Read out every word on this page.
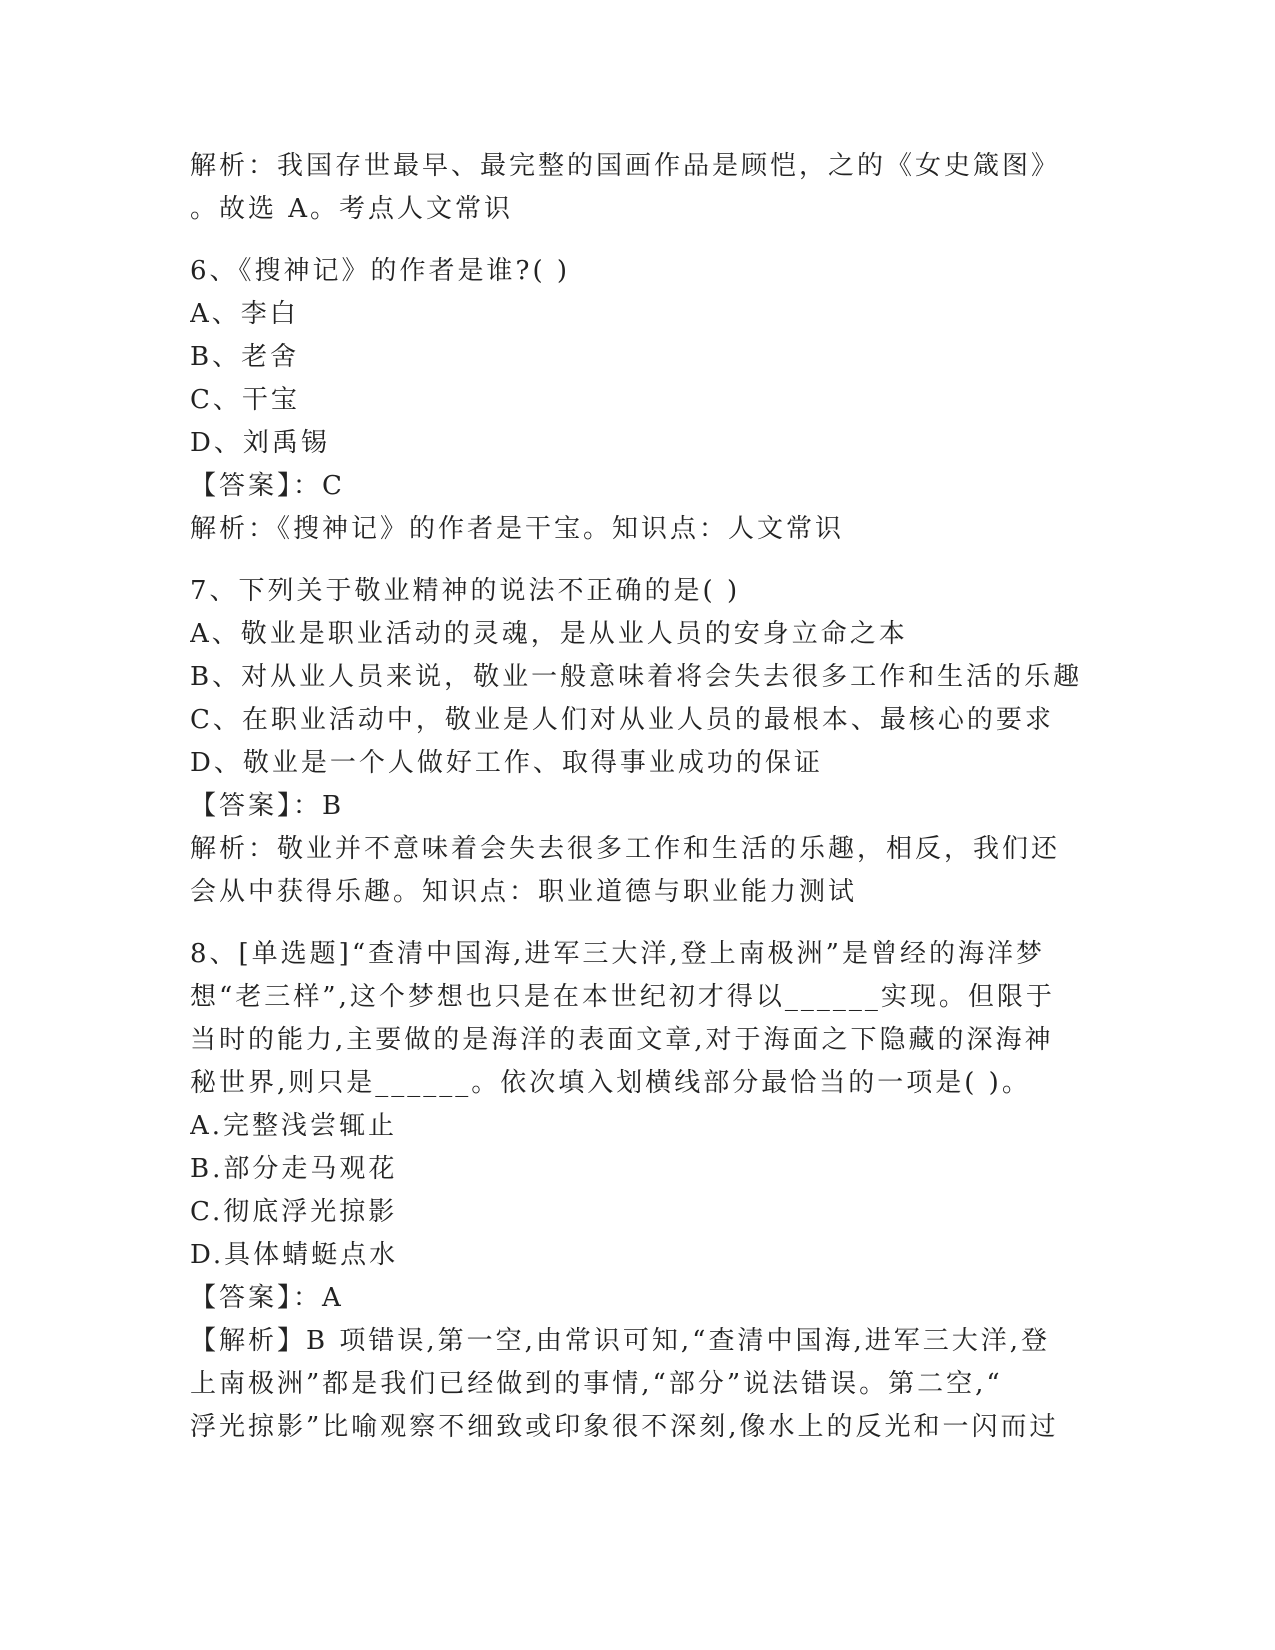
解析：我国存世最早、最完整的国画作品是顾恺，之的《女史箴图》
。故选 A。考点人文常识
6、《搜神记》的作者是谁?( )
A、李白
B、老舍
C、干宝
D、刘禹锡
【答案】：C
解析：《搜神记》的作者是干宝。知识点：人文常识
7、下列关于敬业精神的说法不正确的是( )
A、敬业是职业活动的灵魂，是从业人员的安身立命之本
B、对从业人员来说，敬业一般意味着将会失去很多工作和生活的乐趣
C、在职业活动中，敬业是人们对从业人员的最根本、最核心的要求
D、敬业是一个人做好工作、取得事业成功的保证
【答案】：B
解析：敬业并不意味着会失去很多工作和生活的乐趣，相反，我们还
会从中获得乐趣。知识点：职业道德与职业能力测试
8、[单选题]“查清中国海,进军三大洋,登上南极洲”是曾经的海洋梦
想“老三样”,这个梦想也只是在本世纪初才得以______实现。但限于
当时的能力,主要做的是海洋的表面文章,对于海面之下隐藏的深海神
秘世界,则只是______。依次填入划横线部分最恰当的一项是( )。
A.完整浅尝辄止
B.部分走马观花
C.彻底浮光掠影
D.具体蜻蜓点水
【答案】：A
【解析】B 项错误,第一空,由常识可知,“查清中国海,进军三大洋,登
上南极洲”都是我们已经做到的事情,“部分”说法错误。第二空,“
浮光掠影”比喻观察不细致或印象很不深刻,像水上的反光和一闪而过
